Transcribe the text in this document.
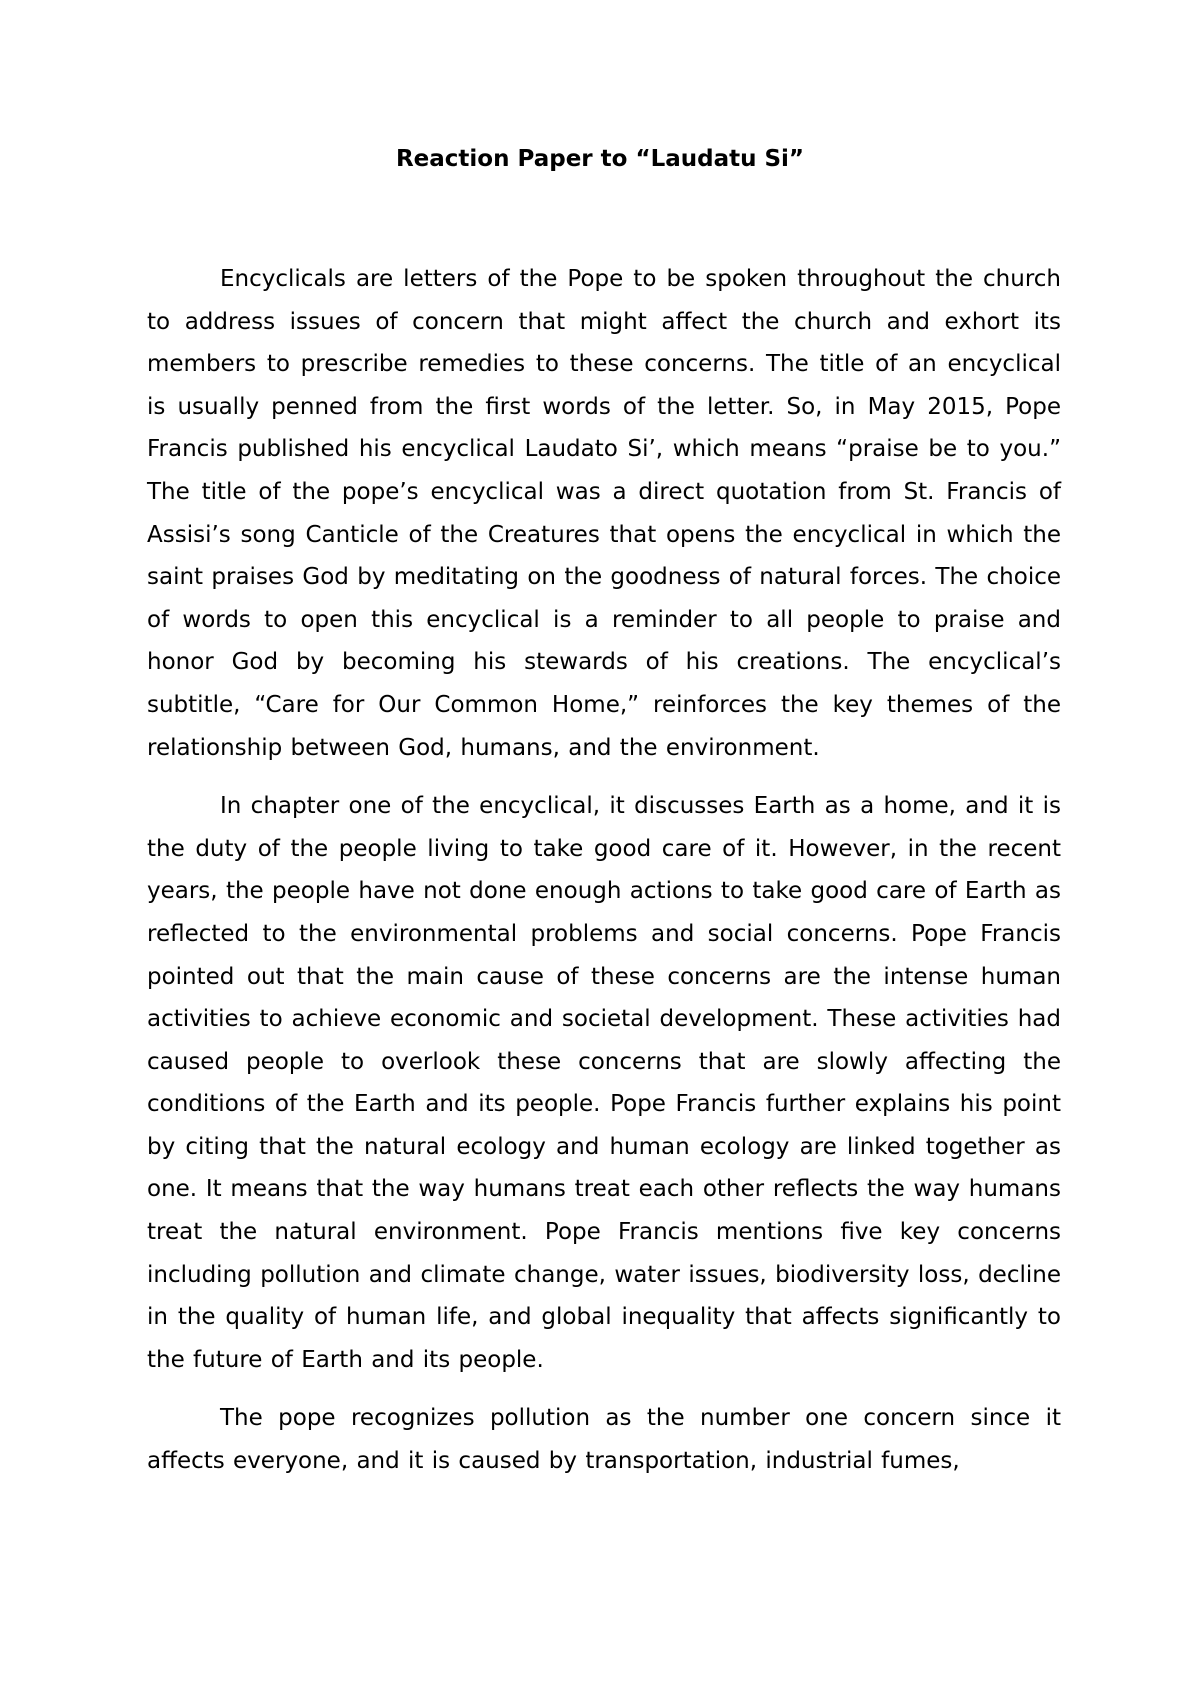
Reaction Paper to “Laudatu Si”

Encyclicals are letters of the Pope to be spoken throughout the church to address issues of concern that might affect the church and exhort its members to prescribe remedies to these concerns. The title of an encyclical is usually penned from the first words of the letter. So, in May 2015, Pope Francis published his encyclical Laudato Si’, which means “praise be to you.” The title of the pope’s encyclical was a direct quotation from St. Francis of Assisi’s song Canticle of the Creatures that opens the encyclical in which the saint praises God by meditating on the goodness of natural forces. The choice of words to open this encyclical is a reminder to all people to praise and honor God by becoming his stewards of his creations. The encyclical’s subtitle, “Care for Our Common Home,” reinforces the key themes of the relationship between God, humans, and the environment.

In chapter one of the encyclical, it discusses Earth as a home, and it is the duty of the people living to take good care of it. However, in the recent years, the people have not done enough actions to take good care of Earth as reflected to the environmental problems and social concerns. Pope Francis pointed out that the main cause of these concerns are the intense human activities to achieve economic and societal development. These activities had caused people to overlook these concerns that are slowly affecting the conditions of the Earth and its people. Pope Francis further explains his point by citing that the natural ecology and human ecology are linked together as one. It means that the way humans treat each other reflects the way humans treat the natural environment. Pope Francis mentions five key concerns including pollution and climate change, water issues, biodiversity loss, decline in the quality of human life, and global inequality that affects significantly to the future of Earth and its people.

The pope recognizes pollution as the number one concern since it affects everyone, and it is caused by transportation, industrial fumes,
